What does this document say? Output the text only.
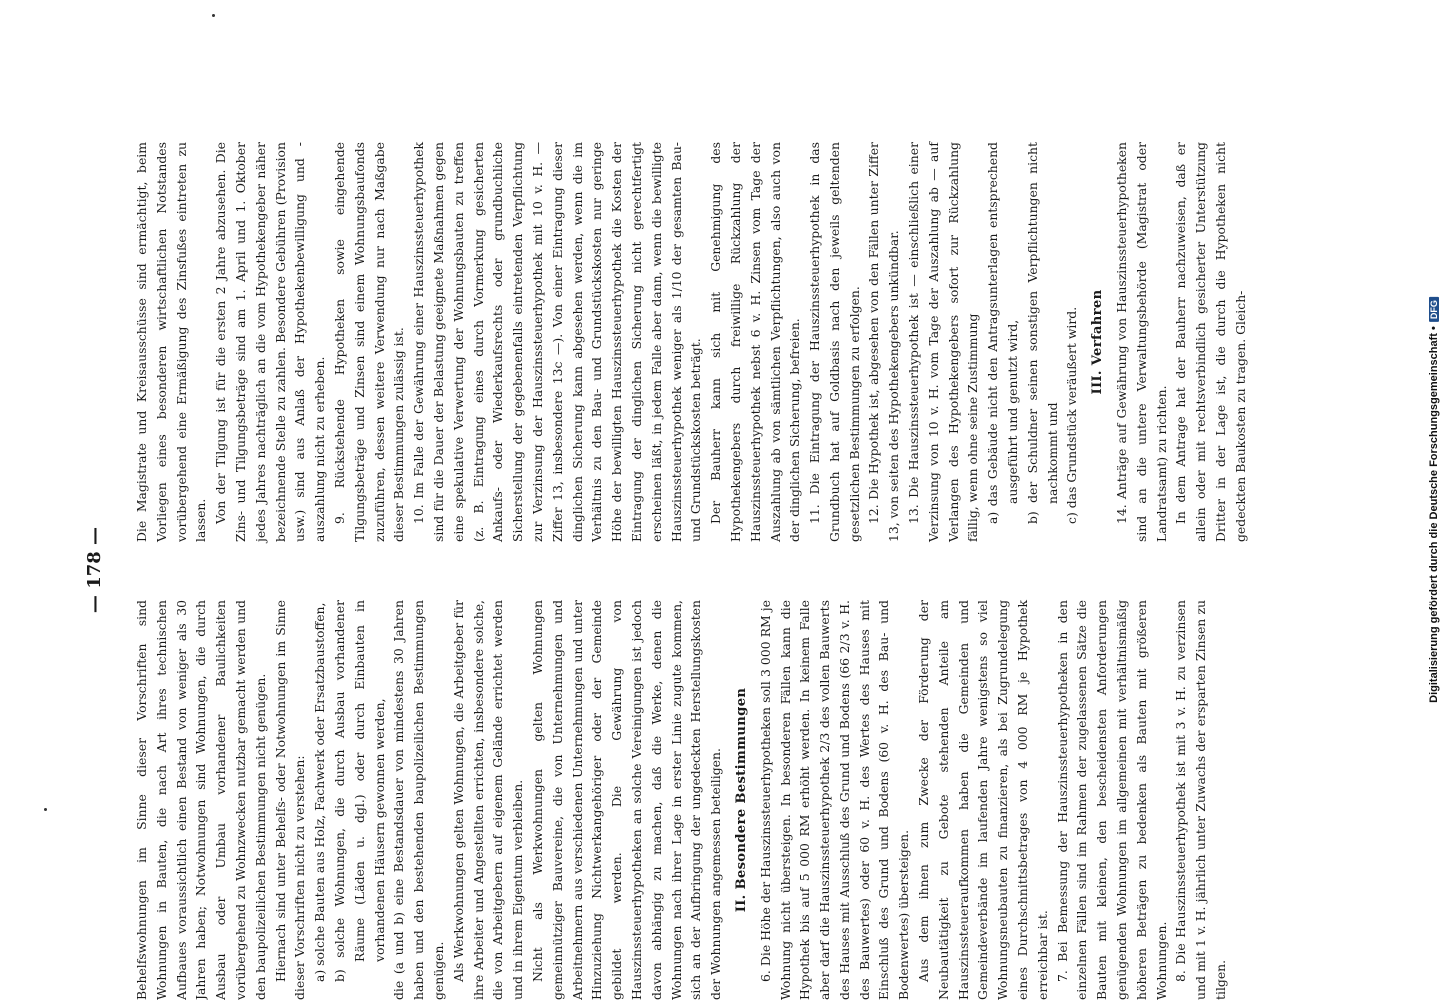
— 178 —

Behelfswohnungen im Sinne dieser Vorschriften sind Wohnungen in Bauten, die nach Art ihres technischen Aufbaues voraussichtlich einen Bestand von weniger als 30 Jahren haben; Notwohnungen sind Wohnungen, die durch Ausbau oder Umbau vorhandener Baulichkeiten vorübergehend zu Wohnzwecken nutzbar gemacht werden und den baupolizeilichen Bestimmungen nicht genügen. Hiernach sind unter Behelfs- oder Notwohnungen im Sinne dieser Vorschriften nicht zu verstehen: a) solche Bauten aus Holz, Fachwerk oder Ersatzbaustoffen, b) solche Wohnungen, die durch Ausbau vorhandener Räume (Läden u. dgl.) oder durch Einbauten in vorhandenen Häusern gewonnen werden, die (a und b) eine Bestandsdauer von mindestens 30 Jahren haben und den bestehenden baupolizeilichen Bestimmungen genügen. Als Werkwohnungen gelten Wohnungen, die Arbeitgeber für ihre Arbeiter und Angestellten errichten, insbesondere solche, die von Arbeitgebern auf eigenem Gelände errichtet werden und in ihrem Eigentum verbleiben. Nicht als Werkwohnungen gelten Wohnungen gemeinnütziger Bauvereine, die von Unternehmungen und Arbeitnehmern aus verschiedenen Unternehmungen und unter Hinzuziehung Nichtwerkangehöriger oder der Gemeinde gebildet werden. Die Gewährung von Hauszinssteuerhypotheken an solche Vereinigungen ist jedoch davon abhängig zu machen, daß die Werke, denen die Wohnungen nach ihrer Lage in erster Linie zugute kommen, sich an der Aufbringung der ungedeckten Herstellungskosten der Wohnungen angemessen beteiligen. II. Besondere Bestimmungen 6. Die Höhe der Hauszinssteuerhypotheken soll 3 000 RM je Wohnung nicht übersteigen. In besonderen Fällen kann die Hypothek bis auf 5 000 RM erhöht werden. In keinem Falle aber darf die Hauszinssteuerhypothek 2/3 des vollen Bauwerts des Hauses mit Ausschluß des Grund und Bodens (66 2/3 v. H. des Bauwertes) oder 60 v. H. des Wertes des Hauses mit Einschluß des Grund und Bodens (60 v. H. des Bau- und Bodenwertes) übersteigen. Aus dem ihnen zum Zwecke der Förderung der Neubautätigkeit zu Gebote stehenden Anteile am Hauszinssteueraufkommen haben die Gemeinden und Gemeindeverbände im laufenden Jahre wenigstens so viel Wohnungsneubauten zu finanzieren, als bei Zugrundelegung eines Durchschnittsbetrages von 4 000 RM je Hypothek erreichbar ist. 7. Bei Bemessung der Hauszinssteuerhypotheken in den einzelnen Fällen sind im Rahmen der zugelassenen Sätze die Bauten mit kleinen, den bescheidensten Anforderungen genügenden Wohnungen im allgemeinen mit verhältnismäßig höheren Beträgen zu bedenken als Bauten mit größeren Wohnungen. 8. Die Hauszinssteuerhypothek ist mit 3 v. H. zu verzinsen und mit 1 v. H. jährlich unter Zuwachs der ersparten Zinsen zu tilgen.

Die Magistrate und Kreisausschüsse sind ermächtigt, beim Vorliegen eines besonderen wirtschaftlichen Notstandes vorübergehend eine Ermäßigung des Zinsfußes eintreten zu lassen. Von der Tilgung ist für die ersten 2 Jahre abzusehen. Die Zins- und Tilgungsbeträge sind am 1. April und 1. Oktober jedes Jahres nachträglich an die vom Hypothekengeber näher bezeichnende Stelle zu zahlen. Besondere Gebühren (Provision usw.) sind aus Anlaß der Hypothekenbewilligung und -auszahlung nicht zu erheben. 9. Rückstehende Hypotheken sowie eingehende Tilgungsbeträge und Zinsen sind einem Wohnungsbaufonds zuzuführen, dessen weitere Verwendung nur nach Maßgabe dieser Bestimmungen zulässig ist. 10. Im Falle der Gewährung einer Hauszinssteuerhypothek sind für die Dauer der Belastung geeignete Maßnahmen gegen eine spekulative Verwertung der Wohnungsbauten zu treffen (z. B. Eintragung eines durch Vormerkung gesicherten Ankaufs- oder Wiederkaufsrechts oder grundbuchliche Sicherstellung der gegebenenfalls eintretenden Verpflichtung zur Verzinsung der Hauszinssteuerhypothek mit 10 v. H. — Ziffer 13, insbesondere 13c —). Von einer Eintragung dieser dinglichen Sicherung kann abgesehen werden, wenn die im Verhältnis zu den Bau- und Grundstückskosten nur geringe Höhe der bewilligten Hauszinssteuerhypothek die Kosten der Eintragung der dinglichen Sicherung nicht gerechtfertigt erscheinen läßt, in jedem Falle aber dann, wenn die bewilligte Hauszinssteuerhypothek weniger als 1/10 der gesamten Bau- und Grundstückskosten beträgt. Der Bauherr kann sich mit Genehmigung des Hypothekengebers durch freiwillige Rückzahlung der Hauszinssteuerhypothek nebst 6 v. H. Zinsen vom Tage der Auszahlung ab von sämtlichen Verpflichtungen, also auch von der dinglichen Sicherung, befreien. 11. Die Eintragung der Hauszinssteuerhypothek in das Grundbuch hat auf Goldbasis nach den jeweils geltenden gesetzlichen Bestimmungen zu erfolgen. 12. Die Hypothek ist, abgesehen von den Fällen unter Ziffer 13, von seiten des Hypothekengebers unkündbar. 13. Die Hauszinssteuerhypothek ist — einschließlich einer Verzinsung von 10 v. H. vom Tage der Auszahlung ab — auf Verlangen des Hypothekengebers sofort zur Rückzahlung fällig, wenn ohne seine Zustimmung a) das Gebäude nicht den Antragsunterlagen entsprechend ausgeführt und genutzt wird, b) der Schuldner seinen sonstigen Verpflichtungen nicht nachkommt und c) das Grundstück veräußert wird. III. Verfahren 14. Anträge auf Gewährung von Hauszinssteuerhypotheken sind an die untere Verwaltungsbehörde (Magistrat oder Landratsamt) zu richten. In dem Antrage hat der Bauherr nachzuweisen, daß er allein oder mit rechtsverbindlich gesicherter Unterstützung Dritter in der Lage ist, die durch die Hypotheken nicht gedeckten Baukosten zu tragen. Gleich-	Digitalisierung gefördert durch die Deutsche Forschungsgemeinschaft •DFG
